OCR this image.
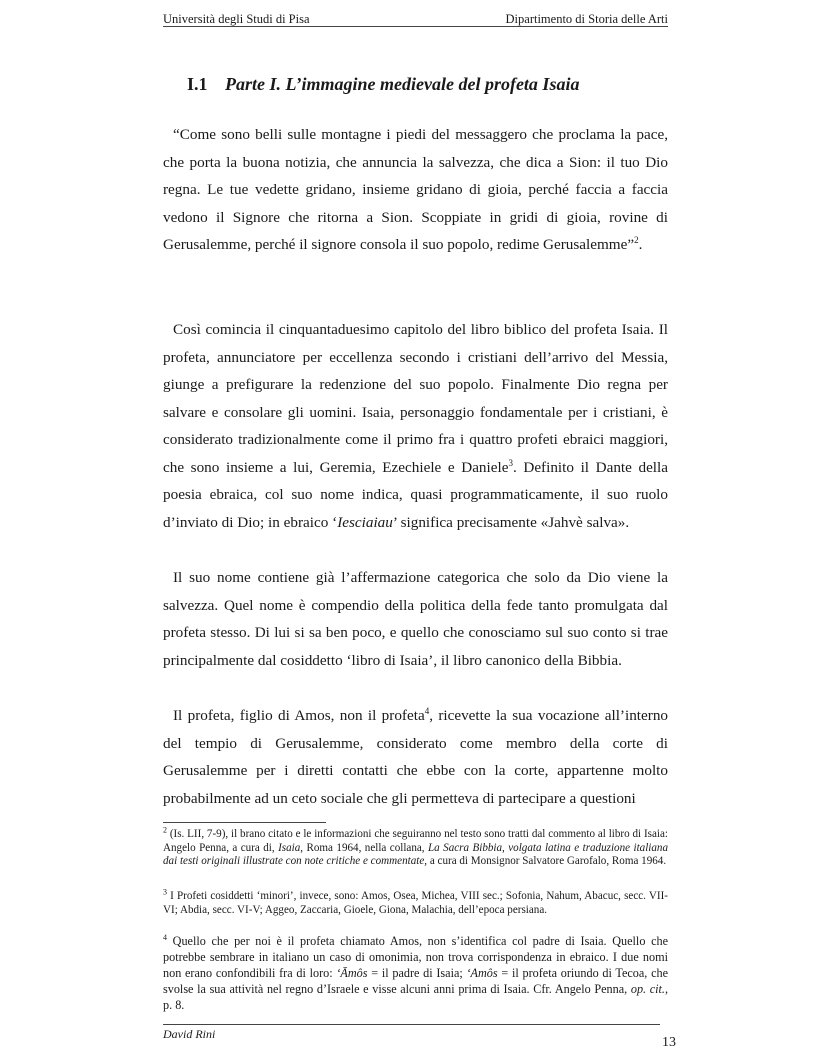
Università degli Studi di Pisa	Dipartimento di Storia delle Arti
I.1 Parte I. L’immagine medievale del profeta Isaia

“Come sono belli sulle montagne i piedi del messaggero che proclama la pace, che porta la buona notizia, che annuncia la salvezza, che dica a Sion: il tuo Dio regna. Le tue vedette gridano, insieme gridano di gioia, perché faccia a faccia vedono il Signore che ritorna a Sion. Scoppiate in gridi di gioia, rovine di Gerusalemme, perché il signore consola il suo popolo, redime Gerusalemme”$^2$.

Così comincia il cinquantaduesimo capitolo del libro biblico del profeta Isaia. Il profeta, annunciatore per eccellenza secondo i cristiani dell’arrivo del Messia, giunge a prefigurare la redenzione del suo popolo. Finalmente Dio regna per salvare e consolare gli uomini. Isaia, personaggio fondamentale per i cristiani, è considerato tradizionalmente come il primo fra i quattro profeti ebraici maggiori, che sono insieme a lui, Geremia, Ezechiele e Daniele$^3$. Definito il Dante della poesia ebraica, col suo nome indica, quasi programmaticamente, il suo ruolo d’inviato di Dio; in ebraico ‘Iesciaiau’ significa precisamente «Jahvè salva».

Il suo nome contiene già l’affermazione categorica che solo da Dio viene la salvezza. Quel nome è compendio della politica della fede tanto promulgata dal profeta stesso. Di lui si sa ben poco, e quello che conosciamo sul suo conto si trae principalmente dal cosiddetto ‘libro di Isaia’, il libro canonico della Bibbia.

Il profeta, figlio di Amos, non il profeta$^4$, ricevette la sua vocazione all’interno del tempio di Gerusalemme, considerato come membro della corte di Gerusalemme per i diretti contatti che ebbe con la corte, appartenne molto probabilmente ad un ceto sociale che gli permetteva di partecipare a questioni

$^2$ (Is. LII, 7-9), il brano citato e le informazioni che seguiranno nel testo sono tratti dal commento al libro di Isaia: Angelo Penna, a cura di, Isaia, Roma 1964, nella collana, La Sacra Bibbia, volgata latina e traduzione italiana dai testi originali illustrate con note critiche e commentate, a cura di Monsignor Salvatore Garofalo, Roma 1964.

$^3$ I Profeti cosiddetti ‘minori’, invece, sono: Amos, Osea, Michea, VIII sec.; Sofonia, Nahum, Abacuc, secc. VII-VI; Abdia, secc. VI-V; Aggeo, Zaccaria, Gioele, Giona, Malachia, dell’epoca persiana.

$^4$ Quello che per noi è il profeta chiamato Amos, non s’identifica col padre di Isaia. Quello che potrebbe sembrare in italiano un caso di omonimia, non trova corrispondenza in ebraico. I due nomi non erano confondibili fra di loro: ‘Āmôs = il padre di Isaia; ‘Amôs = il profeta oriundo di Tecoa, che svolse la sua attività nel regno d’Israele e visse alcuni anni prima di Isaia. Cfr. Angelo Penna, op. cit., p. 8.

David Rini
13
